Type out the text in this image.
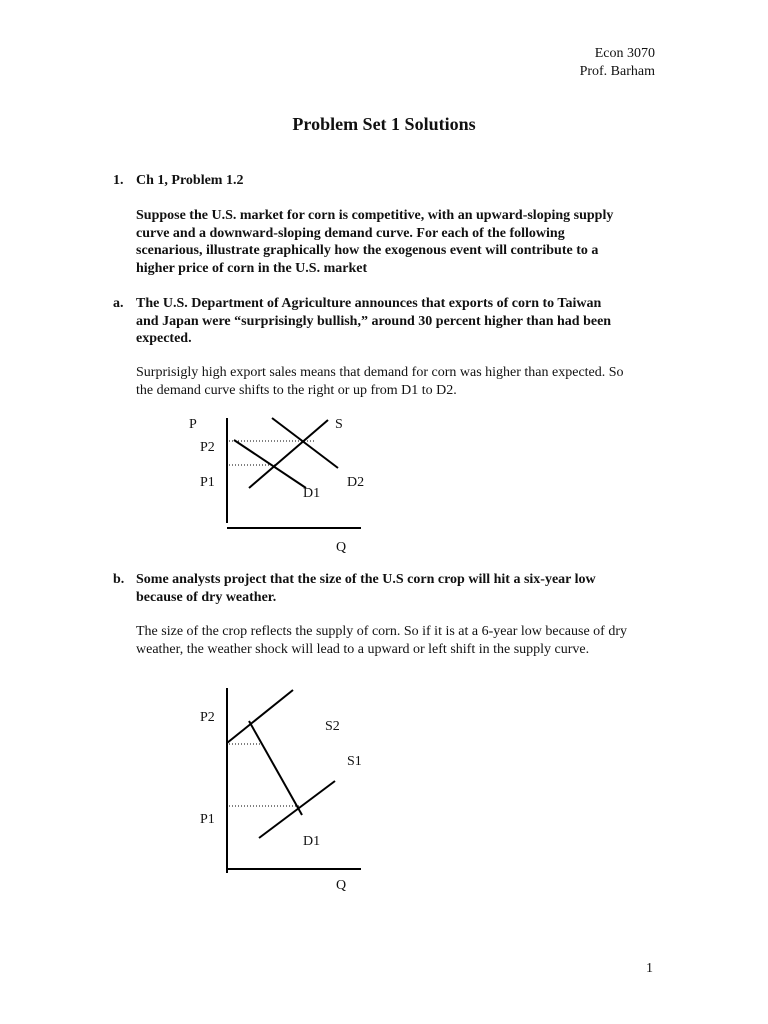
Econ 3070
Prof. Barham
Problem Set 1 Solutions
1. Ch 1, Problem 1.2
Suppose the U.S. market for corn is competitive, with an upward-sloping supply
curve and a downward-sloping demand curve. For each of the following
scenarious, illustrate graphically how the exogenous event will contribute to a
higher price of corn in the U.S. market
a. The U.S. Department of Agriculture announces that exports of corn to Taiwan
and Japan were “surprisingly bullish,” around 30 percent higher than had been
expected.
Surprisigly high export sales means that demand for corn was higher than expected. So
the demand curve shifts to the right or up from D1 to D2.
P	S
P2
P1	D2
D1
Q
b. Some analysts project that the size of the U.S corn crop will hit a six-year low
because of dry weather.
The size of the crop reflects the supply of corn. So if it is at a 6-year low because of dry
weather, the weather shock will lead to a upward or left shift in the supply curve.
P2
S2
S1
P1
D1
Q
1
